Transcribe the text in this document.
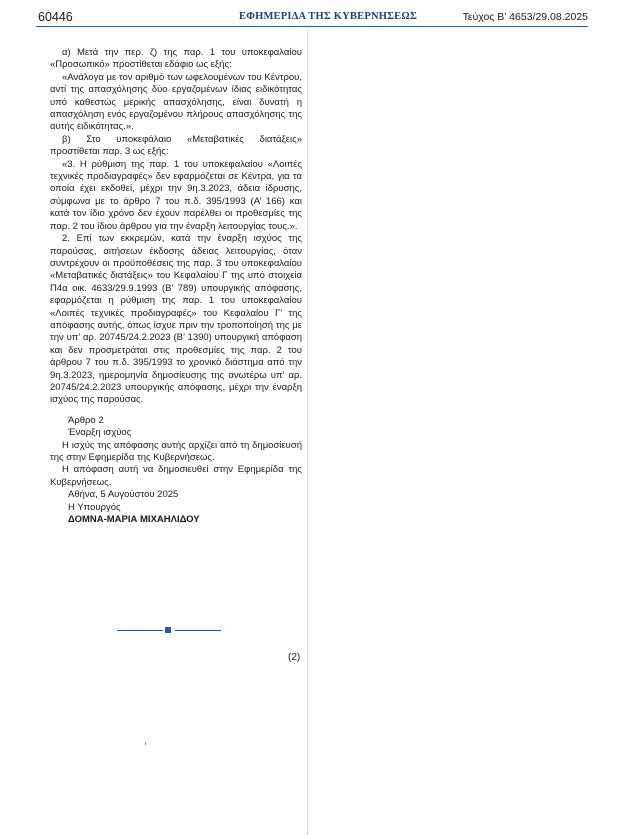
60446	ΕΦΗΜΕΡΙΔΑ ΤΗΣ ΚΥΒΕΡΝΗΣΕΩΣ	Τεύχος Β’ 4653/29.08.2025

α) Μετά την περ. ζ) της παρ. 1 του υποκεφαλαίου «Προσωπικό» προστίθεται εδάφιο ως εξής:

«Ανάλογα με τον αριθμό των ωφελουμένων του Κέντρου, αντί της απασχόλησης δύο εργαζομένων ίδιας ειδικότητας υπό καθεστώς μερικής απασχόλησης, είναι δυνατή η απασχόληση ενός εργαζομένου πλήρους απασχόλησης της αυτής ειδικότητας.».

β) Στο υποκεφάλαιο «Μεταβατικές διατάξεις» προστίθεται παρ. 3 ως εξής:

«3. Η ρύθμιση της παρ. 1 του υποκεφαλαίου «Λοιπές τεχνικές προδιαγραφές» δεν εφαρμόζεται σε Κέντρα, για τα οποία έχει εκδοθεί, μέχρι την 9η.3.2023, άδεια ίδρυσης, σύμφωνα με το άρθρο 7 του π.δ. 395/1993 (Α’ 166) και κατά τον ίδιο χρόνο δεν έχουν παρέλθει οι προθεσμίες της παρ. 2 του ίδιου άρθρου για την έναρξη λειτουργίας τους.».

2. Επί των εκκρεμών, κατά την έναρξη ισχύος της παρούσας, αιτήσεων έκδοσης άδειας λειτουργίας, όταν συντρέχουν οι προϋποθέσεις της παρ. 3 του υποκεφαλαίου «Μεταβατικές διατάξεις» του Κεφαλαίου Γ της υπό στοιχεία Π4α οικ. 4633/29.9.1993 (Β’ 789) υπουργικής απόφασης, εφαρμόζεται η ρύθμιση της παρ. 1 του υποκεφαλαίου «Λοιπές τεχνικές προδιαγραφές» του Κεφαλαίου Γ’ της απόφασης αυτής, όπως ίσχυε πριν την τροποποίησή της με την υπ’ αρ. 20745/24.2.2023 (Β’ 1390) υπουργική απόφαση και δεν προσμετράται στις προθεσμίες της παρ. 2 του άρθρου 7 του π.δ. 395/1993 το χρονικό διάστημα από την 9η.3.2023, ημερομηνία δημοσίευσης της ανωτέρω υπ’ αρ. 20745/24.2.2023 υπουργικής απόφασης, μέχρι την έναρξη ισχύος της παρούσας.

Άρθρο 2
Έναρξη ισχύος

Η ισχύς της απόφασης αυτής αρχίζει από τη δημοσίευσή της στην Εφημερίδα της Κυβερνήσεως.

Η απόφαση αυτή να δημοσιευθεί στην Εφημερίδα της Κυβερνήσεως.

Αθήνα, 5 Αυγούστου 2025
Η Υπουργός
ΔΟΜΝΑ-ΜΑΡΙΑ ΜΙΧΑΗΛΙΔΟΥ
(2)
